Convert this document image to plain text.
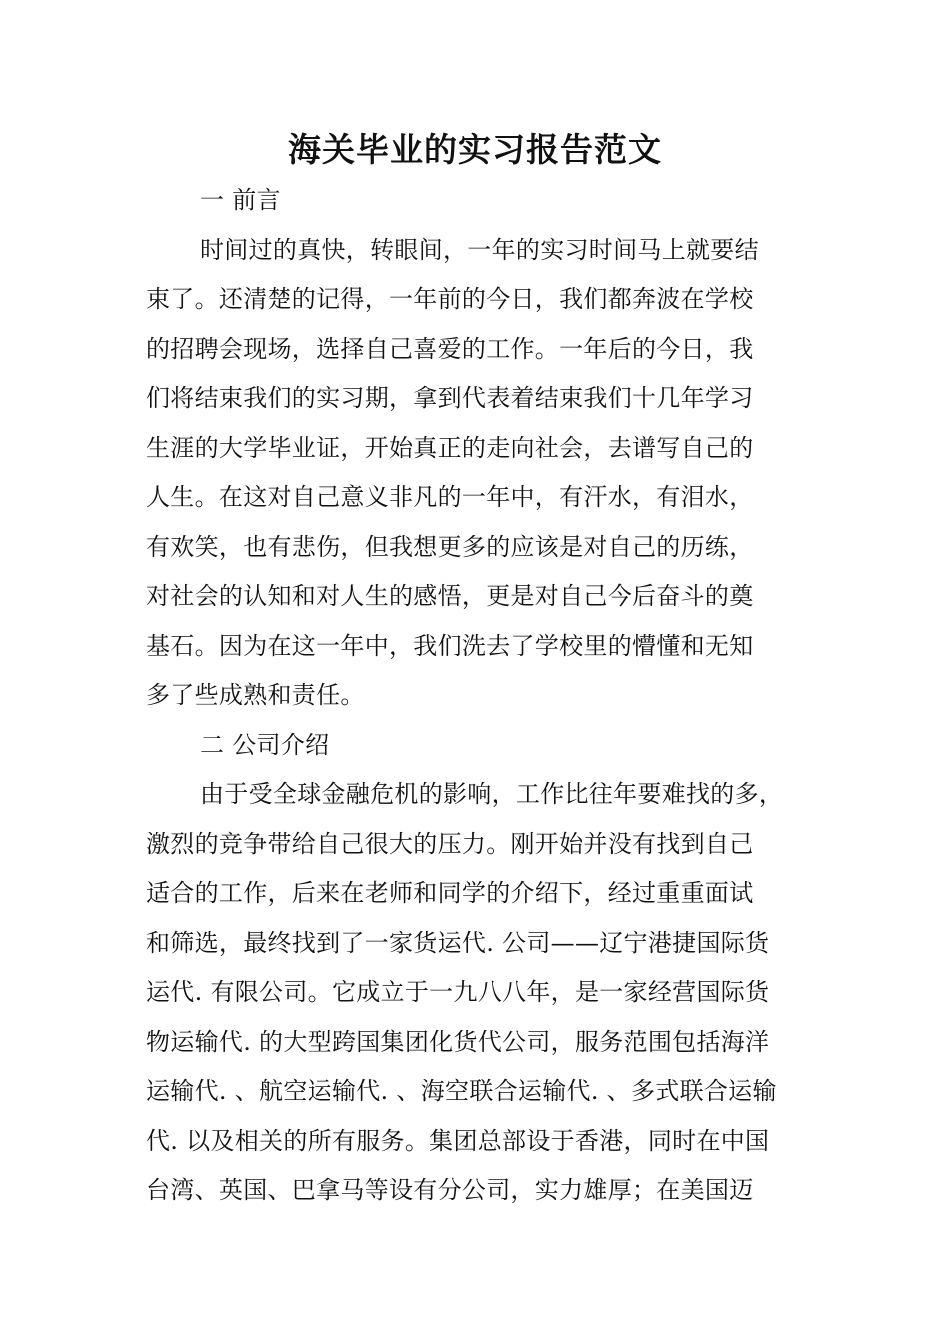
海关毕业的实习报告范文
一 前言
时间过的真快，转眼间，一年的实习时间马上就要结
束了。还清楚的记得，一年前的今日，我们都奔波在学校
的招聘会现场，选择自己喜爱的工作。一年后的今日，我
们将结束我们的实习期，拿到代表着结束我们十几年学习
生涯的大学毕业证，开始真正的走向社会，去谱写自己的
人生。在这对自己意义非凡的一年中，有汗水，有泪水，
有欢笑，也有悲伤，但我想更多的应该是对自己的历练，
对社会的认知和对人生的感悟，更是对自己今后奋斗的奠
基石。因为在这一年中，我们洗去了学校里的懵懂和无知
多了些成熟和责任。
二 公司介绍
由于受全球金融危机的影响，工作比往年要难找的多，
激烈的竞争带给自己很大的压力。刚开始并没有找到自己
适合的工作，后来在老师和同学的介绍下，经过重重面试
和筛选，最终找到了一家货运代. 公司——辽宁港捷国际货
运代. 有限公司。它成立于一九八八年，是一家经营国际货
物运输代. 的大型跨国集团化货代公司，服务范围包括海洋
运输代. 、航空运输代. 、海空联合运输代. 、多式联合运输
代. 以及相关的所有服务。集团总部设于香港，同时在中国
台湾、英国、巴拿马等设有分公司，实力雄厚；在美国迈
